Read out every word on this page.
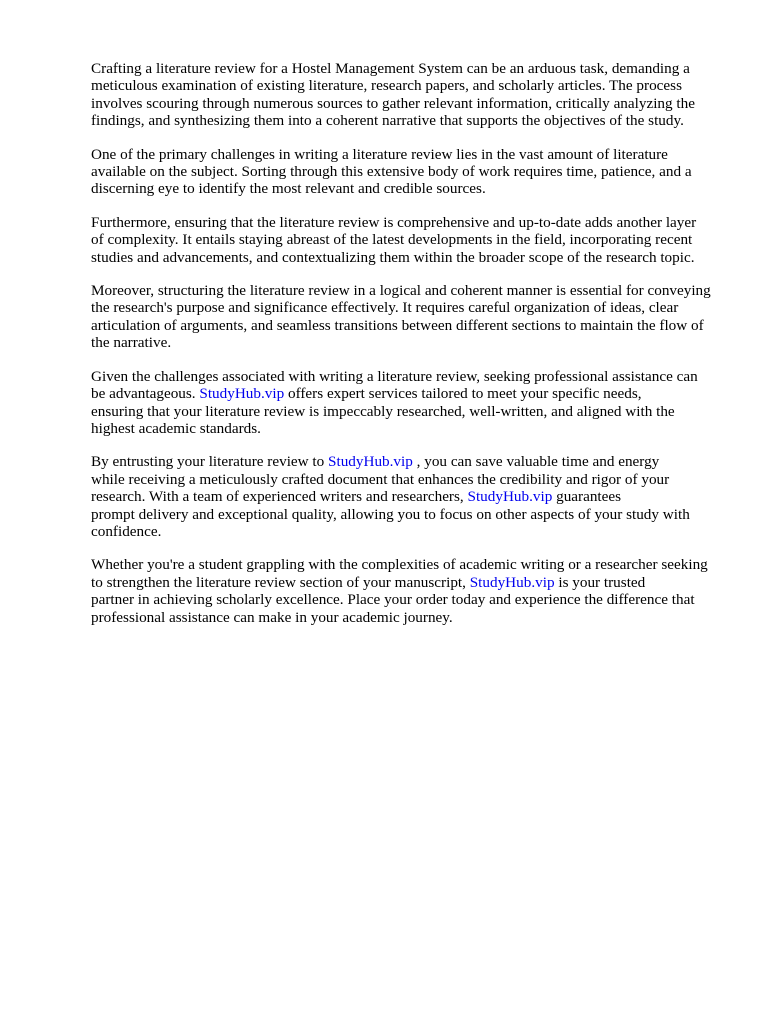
Crafting a literature review for a Hostel Management System can be an arduous task, demanding a
meticulous examination of existing literature, research papers, and scholarly articles. The process
involves scouring through numerous sources to gather relevant information, critically analyzing the
findings, and synthesizing them into a coherent narrative that supports the objectives of the study.

One of the primary challenges in writing a literature review lies in the vast amount of literature
available on the subject. Sorting through this extensive body of work requires time, patience, and a
discerning eye to identify the most relevant and credible sources.

Furthermore, ensuring that the literature review is comprehensive and up-to-date adds another layer
of complexity. It entails staying abreast of the latest developments in the field, incorporating recent
studies and advancements, and contextualizing them within the broader scope of the research topic.

Moreover, structuring the literature review in a logical and coherent manner is essential for conveying
the research's purpose and significance effectively. It requires careful organization of ideas, clear
articulation of arguments, and seamless transitions between different sections to maintain the flow of
the narrative.

Given the challenges associated with writing a literature review, seeking professional assistance can
be advantageous. StudyHub.vip offers expert services tailored to meet your specific needs,
ensuring that your literature review is impeccably researched, well-written, and aligned with the
highest academic standards.

By entrusting your literature review to StudyHub.vip , you can save valuable time and energy
while receiving a meticulously crafted document that enhances the credibility and rigor of your
research. With a team of experienced writers and researchers, StudyHub.vip guarantees
prompt delivery and exceptional quality, allowing you to focus on other aspects of your study with
confidence.

Whether you're a student grappling with the complexities of academic writing or a researcher seeking
to strengthen the literature review section of your manuscript, StudyHub.vip is your trusted
partner in achieving scholarly excellence. Place your order today and experience the difference that
professional assistance can make in your academic journey.
